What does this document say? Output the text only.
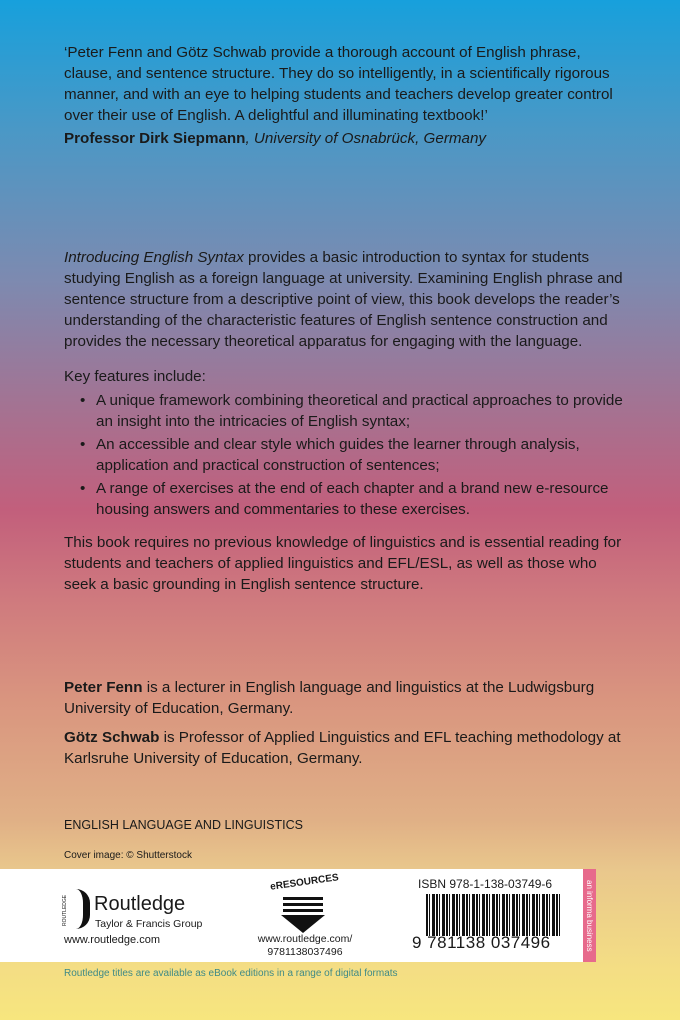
‘Peter Fenn and Götz Schwab provide a thorough account of English phrase, clause, and sentence structure. They do so intelligently, in a scientifically rigorous manner, and with an eye to helping students and teachers develop greater control over their use of English. A delightful and illuminating textbook!’

Professor Dirk Siepmann, University of Osnabrück, Germany

Introducing English Syntax provides a basic introduction to syntax for students studying English as a foreign language at university. Examining English phrase and sentence structure from a descriptive point of view, this book develops the reader’s understanding of the characteristic features of English sentence construction and provides the necessary theoretical apparatus for engaging with the language.

Key features include:

• A unique framework combining theoretical and practical approaches to provide an insight into the intricacies of English syntax;
• An accessible and clear style which guides the learner through analysis, application and practical construction of sentences;
• A range of exercises at the end of each chapter and a brand new e-resource housing answers and commentaries to these exercises.

This book requires no previous knowledge of linguistics and is essential reading for students and teachers of applied linguistics and EFL/ESL, as well as those who seek a basic grounding in English sentence structure.

Peter Fenn is a lecturer in English language and linguistics at the Ludwigsburg University of Education, Germany.

Götz Schwab is Professor of Applied Linguistics and EFL teaching methodology at Karlsruhe University of Education, Germany.

ENGLISH LANGUAGE AND LINGUISTICS
Cover image: © Shutterstock
ROUTLEDGE	Routledge
Taylor & Francis Group
www.routledge.com
eRESOURCES
www.routledge.com/
9781138037496
ISBN 978-1-138-03749-6
9 781138 037496	an informa business
Routledge titles are available as eBook editions in a range of digital formats
